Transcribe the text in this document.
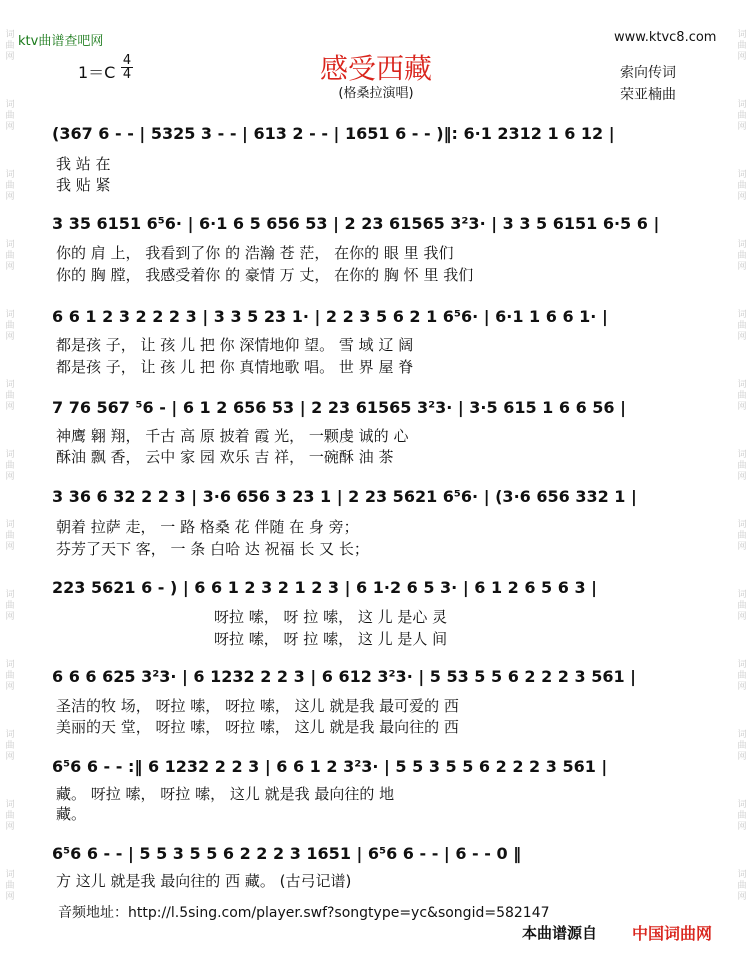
词
曲
网
词
曲
网
词
曲
网
词
曲
网
词
曲
网
词
曲
网
词
曲
网
词
曲
网
词
曲
网
词
曲
网
词
曲
网
词
曲
网
词
曲
网
词
曲
网
词
曲
网
词
曲
网
词
曲
网
词
曲
网
词
曲
网
词
曲
网
词
曲
网
词
曲
网
词
曲
网
词
曲
网
词
曲
网
词
曲
网
ktv曲谱查吧网	www.ktvc8.com
感受西藏
(格桑拉演唱)
$1=C \frac{4}{4}$	索向传词
荣亚楠曲
(367 6 - - | 5325 3 - - | 613 2 - - | 1651 6 - - )‖: 6·1 2312 1 6 12 |
我 站 在
我 贴 紧
3 35 6151 6⁵6· | 6·1 6 5 656 53 | 2 23 61565 3²3· | 3 3 5 6151 6·5 6 |
你的 肩 上， 我看到了你 的 浩瀚 苍 茫， 在你的 眼 里 我们
你的 胸 膛， 我感受着你 的 豪情 万 丈， 在你的 胸 怀 里 我们
6 6 1 2 3 2 2 2 3 | 3 3 5 23 1· | 2 2 3 5 6 2 1 6⁵6· | 6·1 1 6 6 1· |
都是孩 子， 让 孩 儿 把 你 深情地仰 望。 雪 域 辽 阔
都是孩 子， 让 孩 儿 把 你 真情地歌 唱。 世 界 屋 脊
7 76 567 ⁵6 - | 6 1 2 656 53 | 2 23 61565 3²3· | 3·5 615 1 6 6 56 |
神鹰 翱 翔， 千古 高 原 披着 霞 光， 一颗虔 诚的 心
酥油 飘 香， 云中 家 园 欢乐 吉 祥， 一碗酥 油 茶
3 36 6 32 2 2 3 | 3·6 656 3 23 1 | 2 23 5621 6⁵6· | (3·6 656 332 1 |
朝着 拉萨 走， 一 路 格桑 花 伴随 在 身 旁；
芬芳了天下 客， 一 条 白哈 达 祝福 长 又 长；
223 5621 6 - ) | 6 6 1 2 3 2 1 2 3 | 6 1·2 6 5 3· | 6 1 2 6 5 6 3 |
呀拉 嗦， 呀 拉 嗦， 这 儿 是心 灵
呀拉 嗦， 呀 拉 嗦， 这 儿 是人 间
6 6 6 625 3²3· | 6 1232 2 2 3 | 6 612 3²3· | 5 53 5 5 6 2 2 2 3 561 |
圣洁的牧 场， 呀拉 嗦， 呀拉 嗦， 这儿 就是我 最可爱的 西
美丽的天 堂， 呀拉 嗦， 呀拉 嗦， 这儿 就是我 最向往的 西
6⁵6 6 - - :‖ 6 1232 2 2 3 | 6 6 1 2 3²3· | 5 5 3 5 5 6 2 2 2 3 561 |
藏。 呀拉 嗦， 呀拉 嗦， 这儿 就是我 最向往的 地
藏。
6⁵6 6 - - | 5 5 3 5 5 6 2 2 2 3 1651 | 6⁵6 6 - - | 6 - - 0 ‖
方 这儿 就是我 最向往的 西 藏。 (古弓记谱)
音频地址：http://l.5sing.com/player.swf?songtype=yc&songid=582147
本曲谱源自 中国词曲网
